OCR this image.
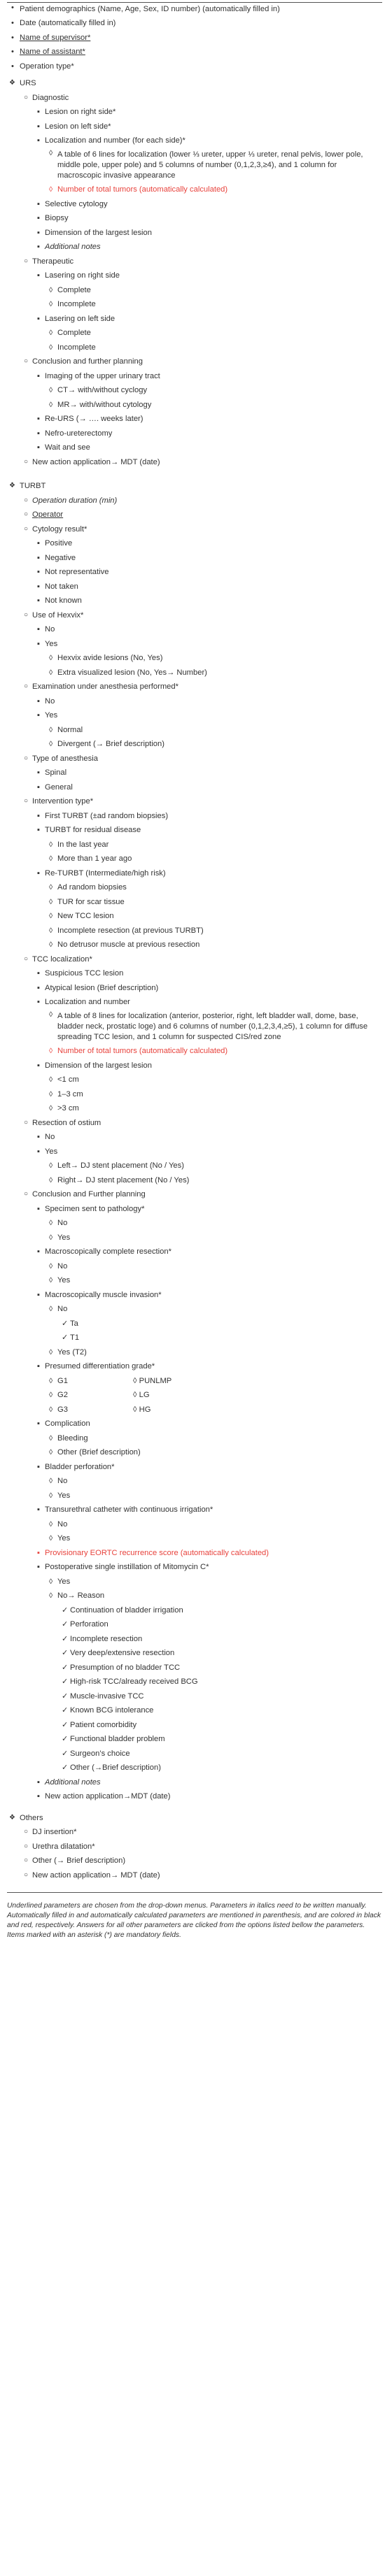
• Patient demographics (Name, Age, Sex, ID number) (automatically filled in)
• Date (automatically filled in)
• Name of supervisor*
• Name of assistant*
• Operation type*
❖ URS
○ Diagnostic
▪ Lesion on right side*
▪ Lesion on left side*
▪ Localization and number (for each side)*
◊ A table of 6 lines for localization (lower ⅓ ureter, upper ⅓ ureter, renal pelvis, lower pole, middle pole, upper pole) and 5 columns of number (0,1,2,3,≥4), and 1 column for macroscopic invasive appearance
◊ Number of total tumors (automatically calculated)
▪ Selective cytology
▪ Biopsy
▪ Dimension of the largest lesion
▪ Additional notes
○ Therapeutic
▪ Lasering on right side
◊ Complete
◊ Incomplete
▪ Lasering on left side
◊ Complete
◊ Incomplete
○ Conclusion and further planning
▪ Imaging of the upper urinary tract
◊ CT→ with/without cyclogy
◊ MR→ with/without cytology
▪ Re-URS (→ …. weeks later)
▪ Nefro-ureterectomy
▪ Wait and see
○ New action application→ MDT (date)
❖ TURBT
○ Operation duration (min)
○ Operator
○ Cytology result*
▪ Positive
▪ Negative
▪ Not representative
▪ Not taken
▪ Not known
○ Use of Hexvix*
▪ No
▪ Yes
◊ Hexvix avide lesions (No, Yes)
◊ Extra visualized lesion (No, Yes→ Number)
○ Examination under anesthesia performed*
▪ No
▪ Yes
◊ Normal
◊ Divergent (→ Brief description)
○ Type of anesthesia
▪ Spinal
▪ General
○ Intervention type*
▪ First TURBT (±ad random biopsies)
▪ TURBT for residual disease
◊ In the last year
◊ More than 1 year ago
▪ Re-TURBT (Intermediate/high risk)
◊ Ad random biopsies
◊ TUR for scar tissue
◊ New TCC lesion
◊ Incomplete resection (at previous TURBT)
◊ No detrusor muscle at previous resection
○ TCC localization*
▪ Suspicious TCC lesion
▪ Atypical lesion (Brief description)
▪ Localization and number
◊ A table of 8 lines for localization (anterior, posterior, right, left bladder wall, dome, base, bladder neck, prostatic loge) and 6 columns of number (0,1,2,3,4,≥5), 1 column for diffuse spreading TCC lesion, and 1 column for suspected CIS/red zone
◊ Number of total tumors (automatically calculated)
▪ Dimension of the largest lesion
◊ <1 cm
◊ 1–3 cm
◊ >3 cm
○ Resection of ostium
▪ No
▪ Yes
◊ Left→ DJ stent placement (No / Yes)
◊ Right→ DJ stent placement (No / Yes)
○ Conclusion and Further planning
▪ Specimen sent to pathology*
◊ No
◊ Yes
▪ Macroscopically complete resection*
◊ No
◊ Yes
▪ Macroscopically muscle invasion*
◊ No
✓ Ta
✓ T1
◊ Yes (T2)
▪ Presumed differentiation grade*
◊ G1	◊ PUNLMP
◊ G2	◊ LG
◊ G3	◊ HG
▪ Complication
◊ Bleeding
◊ Other (Brief description)
▪ Bladder perforation*
◊ No
◊ Yes
▪ Transurethral catheter with continuous irrigation*
◊ No
◊ Yes
▪ Provisionary EORTC recurrence score (automatically calculated)
▪ Postoperative single instillation of Mitomycin C*
◊ Yes
◊ No→ Reason
✓ Continuation of bladder irrigation
✓ Perforation
✓ Incomplete resection
✓ Very deep/extensive resection
✓ Presumption of no bladder TCC
✓ High-risk TCC/already received BCG
✓ Muscle-invasive TCC
✓ Known BCG intolerance
✓ Patient comorbidity
✓ Functional bladder problem
✓ Surgeon’s choice
✓ Other (→Brief description)
▪ Additional notes
▪ New action application→MDT (date)
❖ Others
○ DJ insertion*
○ Urethra dilatation*
○ Other (→ Brief description)
○ New action application→ MDT (date)
Underlined parameters are chosen from the drop-down menus. Parameters in italics need to be written manually. Automatically filled in and automatically calculated parameters are mentioned in parenthesis, and are colored in black and red, respectively. Answers for all other parameters are clicked from the options listed bellow the parameters. Items marked with an asterisk (*) are mandatory fields.
